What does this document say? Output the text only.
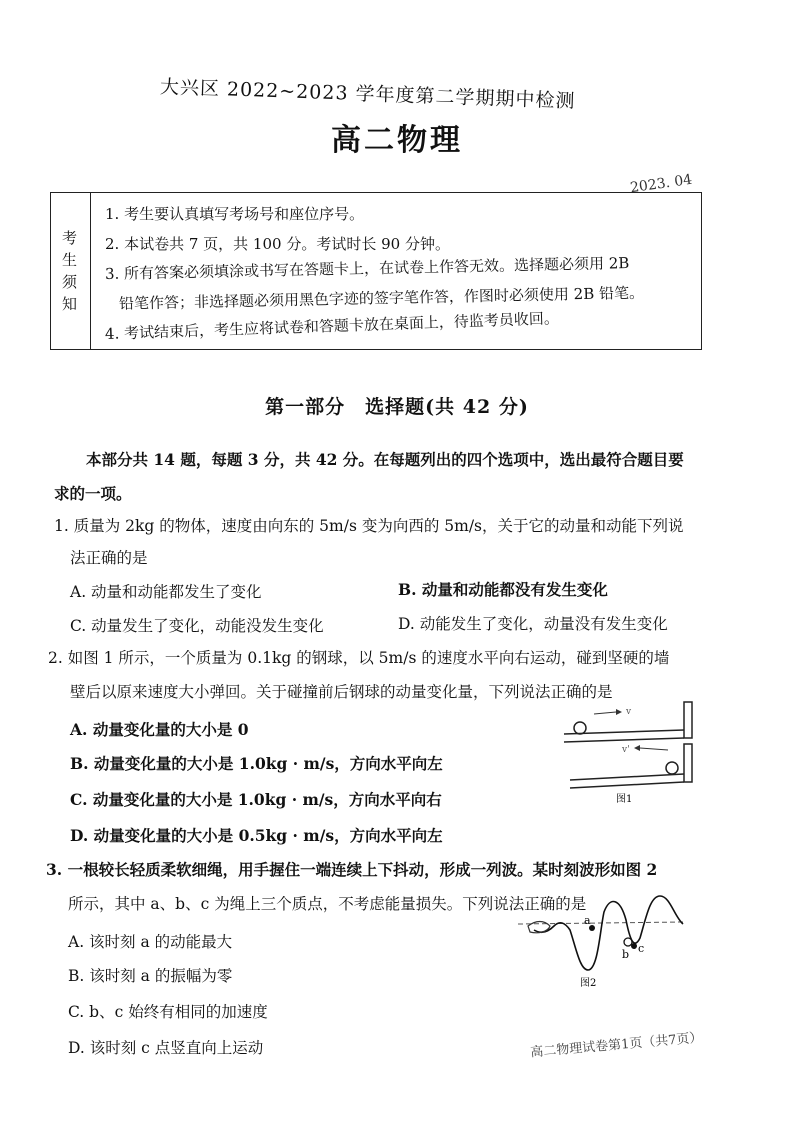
大兴区 2022~2023 学年度第二学期期中检测
高二物理
2023. 04
考
生
须
知
1. 考生要认真填写考场号和座位序号。
2. 本试卷共 7 页，共 100 分。考试时长 90 分钟。
3. 所有答案必须填涂或书写在答题卡上，在试卷上作答无效。选择题必须用 2B
铅笔作答；非选择题必须用黑色字迹的签字笔作答，作图时必须使用 2B 铅笔。
4. 考试结束后，考生应将试卷和答题卡放在桌面上，待监考员收回。
第一部分　选择题(共 42 分)
本部分共 14 题，每题 3 分，共 42 分。在每题列出的四个选项中，选出最符合题目要
求的一项。
1. 质量为 2kg 的物体，速度由向东的 5m/s 变为向西的 5m/s，关于它的动量和动能下列说
法正确的是
A. 动量和动能都发生了变化	B. 动量和动能都没有发生变化
C. 动量发生了变化，动能没发生变化	D. 动能发生了变化，动量没有发生变化
2. 如图 1 所示，一个质量为 0.1kg 的钢球，以 5m/s 的速度水平向右运动，碰到坚硬的墙
壁后以原来速度大小弹回。关于碰撞前后钢球的动量变化量，下列说法正确的是
A. 动量变化量的大小是 0
B. 动量变化量的大小是 1.0kg · m/s，方向水平向左
C. 动量变化量的大小是 1.0kg · m/s，方向水平向右
D. 动量变化量的大小是 0.5kg · m/s，方向水平向左
v
v'
图1
3. 一根较长轻质柔软细绳，用手握住一端连续上下抖动，形成一列波。某时刻波形如图 2
所示，其中 a、b、c 为绳上三个质点，不考虑能量损失。下列说法正确的是
A. 该时刻 a 的动能最大
B. 该时刻 a 的振幅为零
C. b、c 始终有相同的加速度
D. 该时刻 c 点竖直向上运动
a
b c
图2
高二物理试卷第1页（共7页）
